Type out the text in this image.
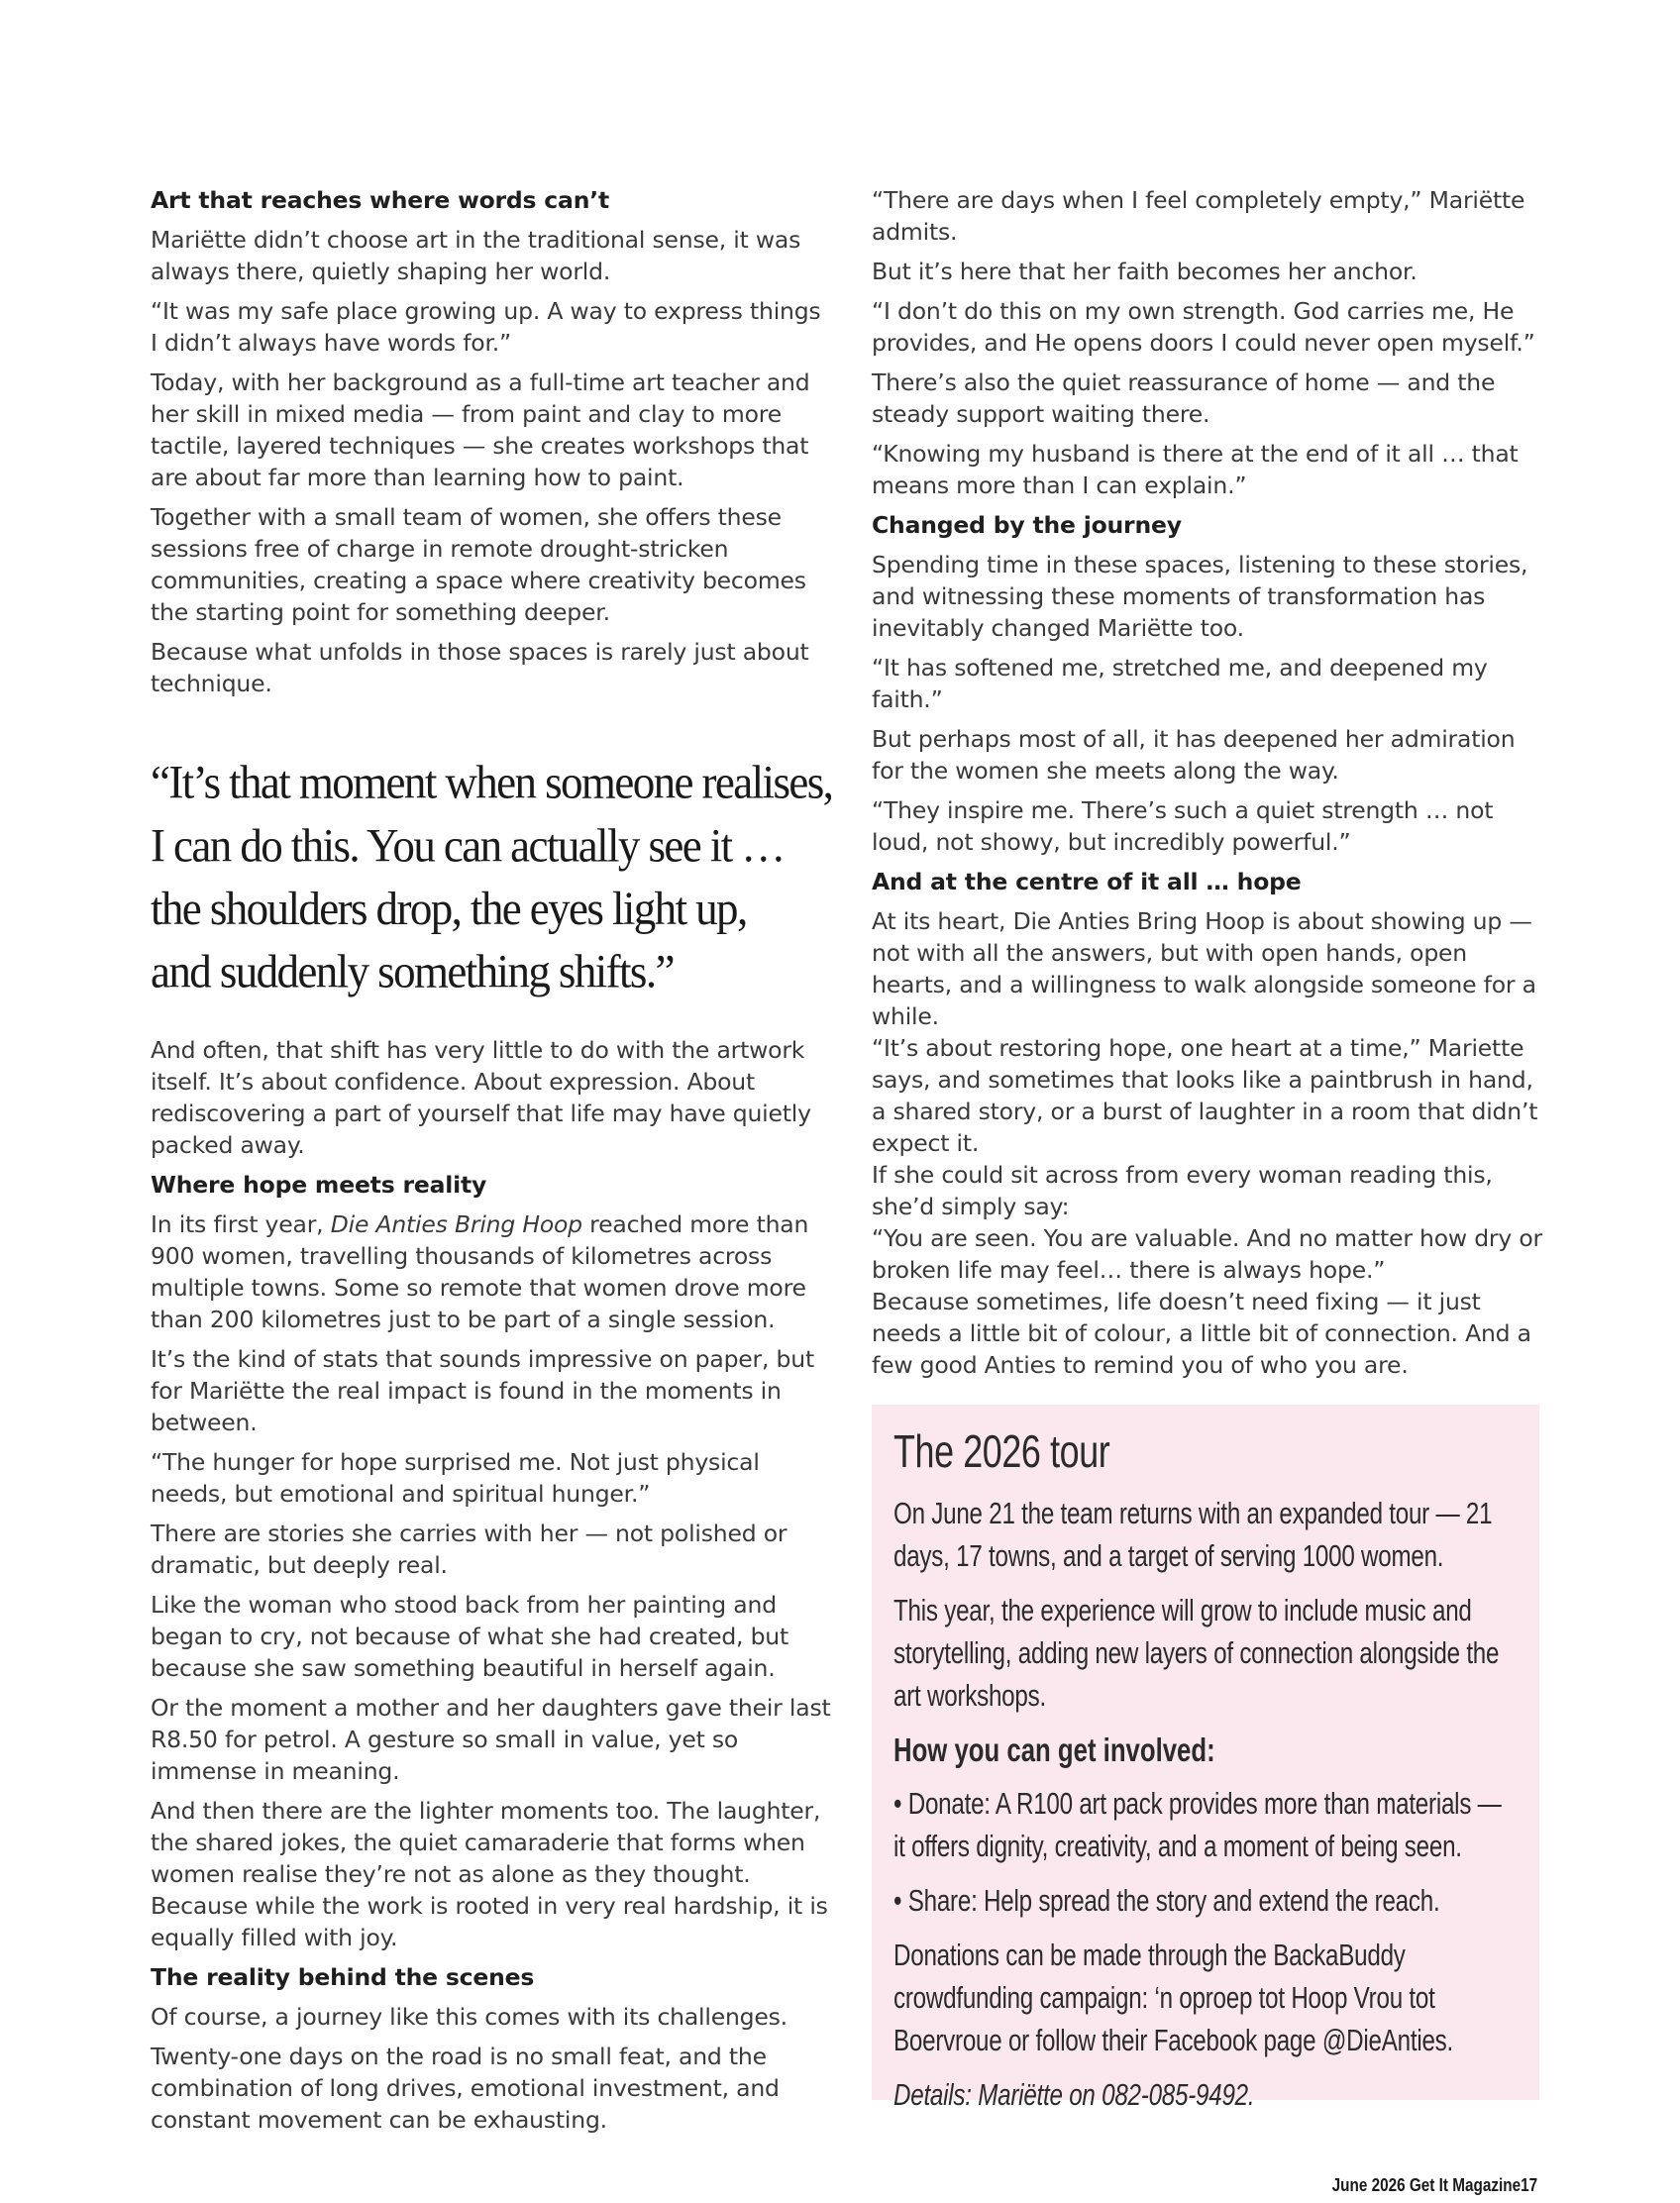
Art that reaches where words can’t

Mariëtte didn’t choose art in the traditional sense, it was always there, quietly shaping her world.

“It was my safe place growing up. A way to express things I didn’t always have words for.”

Today, with her background as a full-time art teacher and her skill in mixed media — from paint and clay to more tactile, layered techniques — she creates workshops that are about far more than learning how to paint.

Together with a small team of women, she offers these sessions free of charge in remote drought-stricken communities, creating a space where creativity becomes the starting point for something deeper.

Because what unfolds in those spaces is rarely just about technique.

“It’s that moment when someone realises,
I can do this. You can actually see it …
the shoulders drop, the eyes light up,
and suddenly something shifts.”

And often, that shift has very little to do with the artwork itself. It’s about confidence. About expression. About rediscovering a part of yourself that life may have quietly packed away.

Where hope meets reality

In its first year, Die Anties Bring Hoop reached more than 900 women, travelling thousands of kilometres across multiple towns. Some so remote that women drove more than 200 kilometres just to be part of a single session.

It’s the kind of stats that sounds impressive on paper, but for Mariëtte the real impact is found in the moments in between.

“The hunger for hope surprised me. Not just physical needs, but emotional and spiritual hunger.”

There are stories she carries with her — not polished or dramatic, but deeply real.

Like the woman who stood back from her painting and began to cry, not because of what she had created, but because she saw something beautiful in herself again.

Or the moment a mother and her daughters gave their last R8.50 for petrol. A gesture so small in value, yet so immense in meaning.

And then there are the lighter moments too. The laughter, the shared jokes, the quiet camaraderie that forms when women realise they’re not as alone as they thought. Because while the work is rooted in very real hardship, it is equally filled with joy.

The reality behind the scenes

Of course, a journey like this comes with its challenges.

Twenty-one days on the road is no small feat, and the combination of long drives, emotional investment, and constant movement can be exhausting.

“There are days when I feel completely empty,” Mariëtte admits.

But it’s here that her faith becomes her anchor.

“I don’t do this on my own strength. God carries me, He provides, and He opens doors I could never open myself.”

There’s also the quiet reassurance of home — and the steady support waiting there.

“Knowing my husband is there at the end of it all … that means more than I can explain.”

Changed by the journey

Spending time in these spaces, listening to these stories, and witnessing these moments of transformation has inevitably changed Mariëtte too.

“It has softened me, stretched me, and deepened my faith.”

But perhaps most of all, it has deepened her admiration for the women she meets along the way.

“They inspire me. There’s such a quiet strength … not loud, not showy, but incredibly powerful.”

And at the centre of it all … hope

At its heart, Die Anties Bring Hoop is about showing up — not with all the answers, but with open hands, open hearts, and a willingness to walk alongside someone for a while.

“It’s about restoring hope, one heart at a time,” Mariette says, and sometimes that looks like a paintbrush in hand, a shared story, or a burst of laughter in a room that didn’t expect it.

If she could sit across from every woman reading this, she’d simply say:

“You are seen. You are valuable. And no matter how dry or broken life may feel… there is always hope.”

Because sometimes, life doesn’t need fixing — it just needs a little bit of colour, a little bit of connection. And a few good Anties to remind you of who you are.

The 2026 tour

On June 21 the team returns with an expanded tour — 21 days, 17 towns, and a target of serving 1000 women.

This year, the experience will grow to include music and storytelling, adding new layers of connection alongside the art workshops.

How you can get involved:

• Donate: A R100 art pack provides more than materials — it offers dignity, creativity, and a moment of being seen.

• Share: Help spread the story and extend the reach.

Donations can be made through the BackaBuddy crowdfunding campaign: ‘n oproep tot Hoop Vrou tot Boervroue or follow their Facebook page @DieAnties.

Details: Mariëtte on 082-085-9492.

June 2026 Get It Magazine17
